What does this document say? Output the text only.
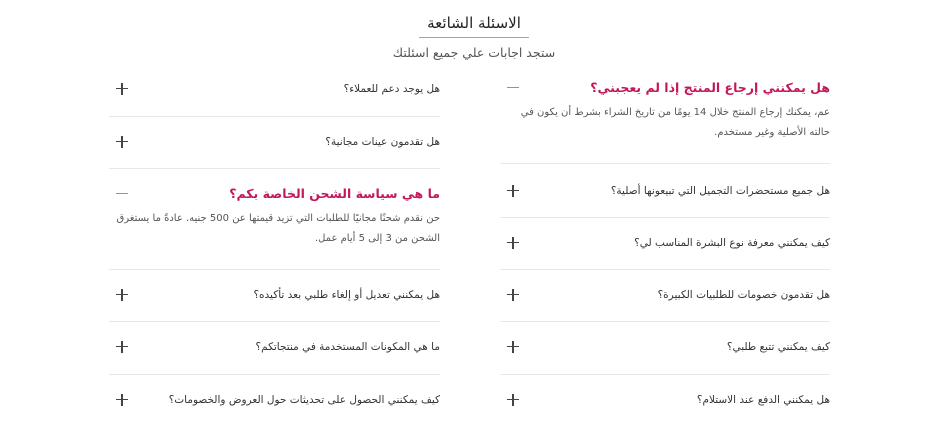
الاسئلة الشائعة
ستجد اجابات علي جميع اسئلتك
هل يمكنني إرجاع المنتج إذا لم يعجبني؟
عم، يمكنك إرجاع المنتج خلال 14 يومًا من تاريخ الشراء بشرط أن يكون في حالته الأصلية وغير مستخدم.
هل جميع مستحضرات التجميل التي تبيعونها أصلية؟
كيف يمكنني معرفة نوع البشرة المناسب لي؟
هل تقدمون خصومات للطلبيات الكبيرة؟
كيف يمكنني تتبع طلبي؟
هل يمكنني الدفع عند الاستلام؟
هل يوجد دعم للعملاء؟
هل تقدمون عينات مجانية؟
ما هي سياسة الشحن الخاصة بكم؟
حن نقدم شحنًا مجانيًا للطلبات التي تزيد قيمتها عن 500 جنيه. عادةً ما يستغرق الشحن من 3 إلى 5 أيام عمل.
هل يمكنني تعديل أو إلغاء طلبي بعد تأكيده؟
ما هي المكونات المستخدمة في منتجاتكم؟
كيف يمكنني الحصول على تحديثات حول العروض والخصومات؟
